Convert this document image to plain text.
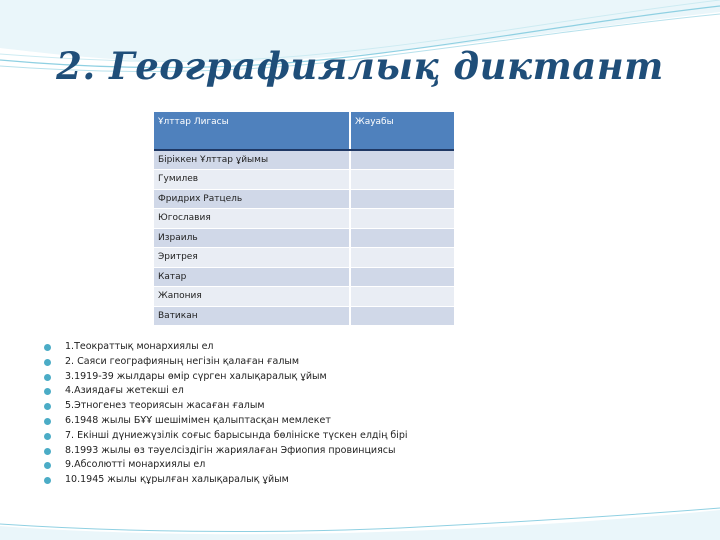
2. Географиялық диктант
Ұлттар Лигасы	Жауабы
Біріккен Ұлттар ұйымы	
Гумилев	
Фридрих Ратцель	
Югославия	
Израиль	
Эритрея	
Катар	
Жапония	
Ватикан	
1.Теократтық монархиялы ел
2. Саяси географияның негізін қалаған ғалым
3.1919-39 жылдары өмір сүрген халықаралық ұйым
4.Азиядағы жетекші ел
5.Этногенез теориясын жасаған ғалым
6.1948 жылы БҰҰ шешімімен қалыптасқан мемлекет
7. Екінші дүниежүзілік соғыс барысында бөлініске түскен елдің бірі
8.1993 жылы өз тәуелсіздігін жариялаған Эфиопия провинциясы
9.Абсолютті монархиялы ел
10.1945 жылы құрылған халықаралық ұйым
